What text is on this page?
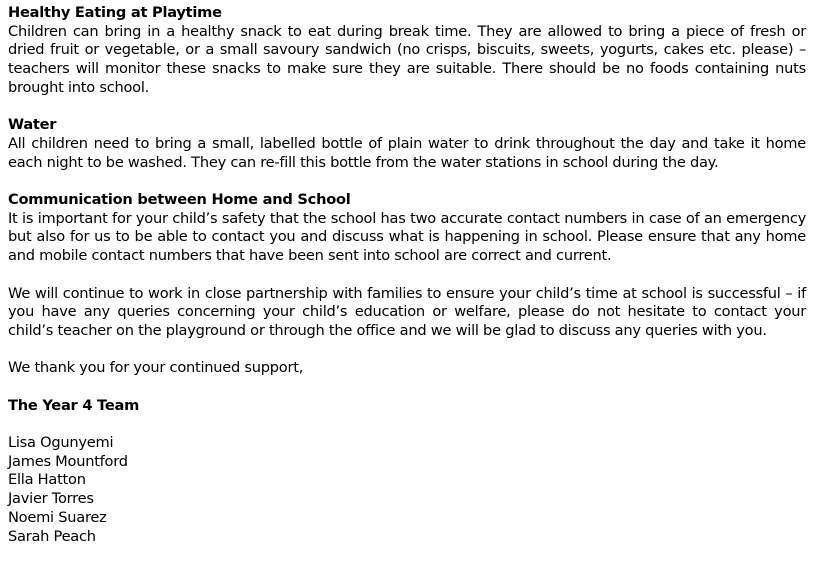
Healthy Eating at Playtime

Children can bring in a healthy snack to eat during break time. They are allowed to bring a piece of fresh or dried fruit or vegetable, or a small savoury sandwich (no crisps, biscuits, sweets, yogurts, cakes etc. please) – teachers will monitor these snacks to make sure they are suitable. There should be no foods containing nuts brought into school.

Water

All children need to bring a small, labelled bottle of plain water to drink throughout the day and take it home each night to be washed. They can re-fill this bottle from the water stations in school during the day.

Communication between Home and School

It is important for your child’s safety that the school has two accurate contact numbers in case of an emergency but also for us to be able to contact you and discuss what is happening in school. Please ensure that any home and mobile contact numbers that have been sent into school are correct and current.

We will continue to work in close partnership with families to ensure your child’s time at school is successful – if you have any queries concerning your child’s education or welfare, please do not hesitate to contact your child’s teacher on the playground or through the office and we will be glad to discuss any queries with you.

We thank you for your continued support,

The Year 4 Team
Lisa Ogunyemi
James Mountford
Ella Hatton
Javier Torres
Noemi Suarez
Sarah Peach
